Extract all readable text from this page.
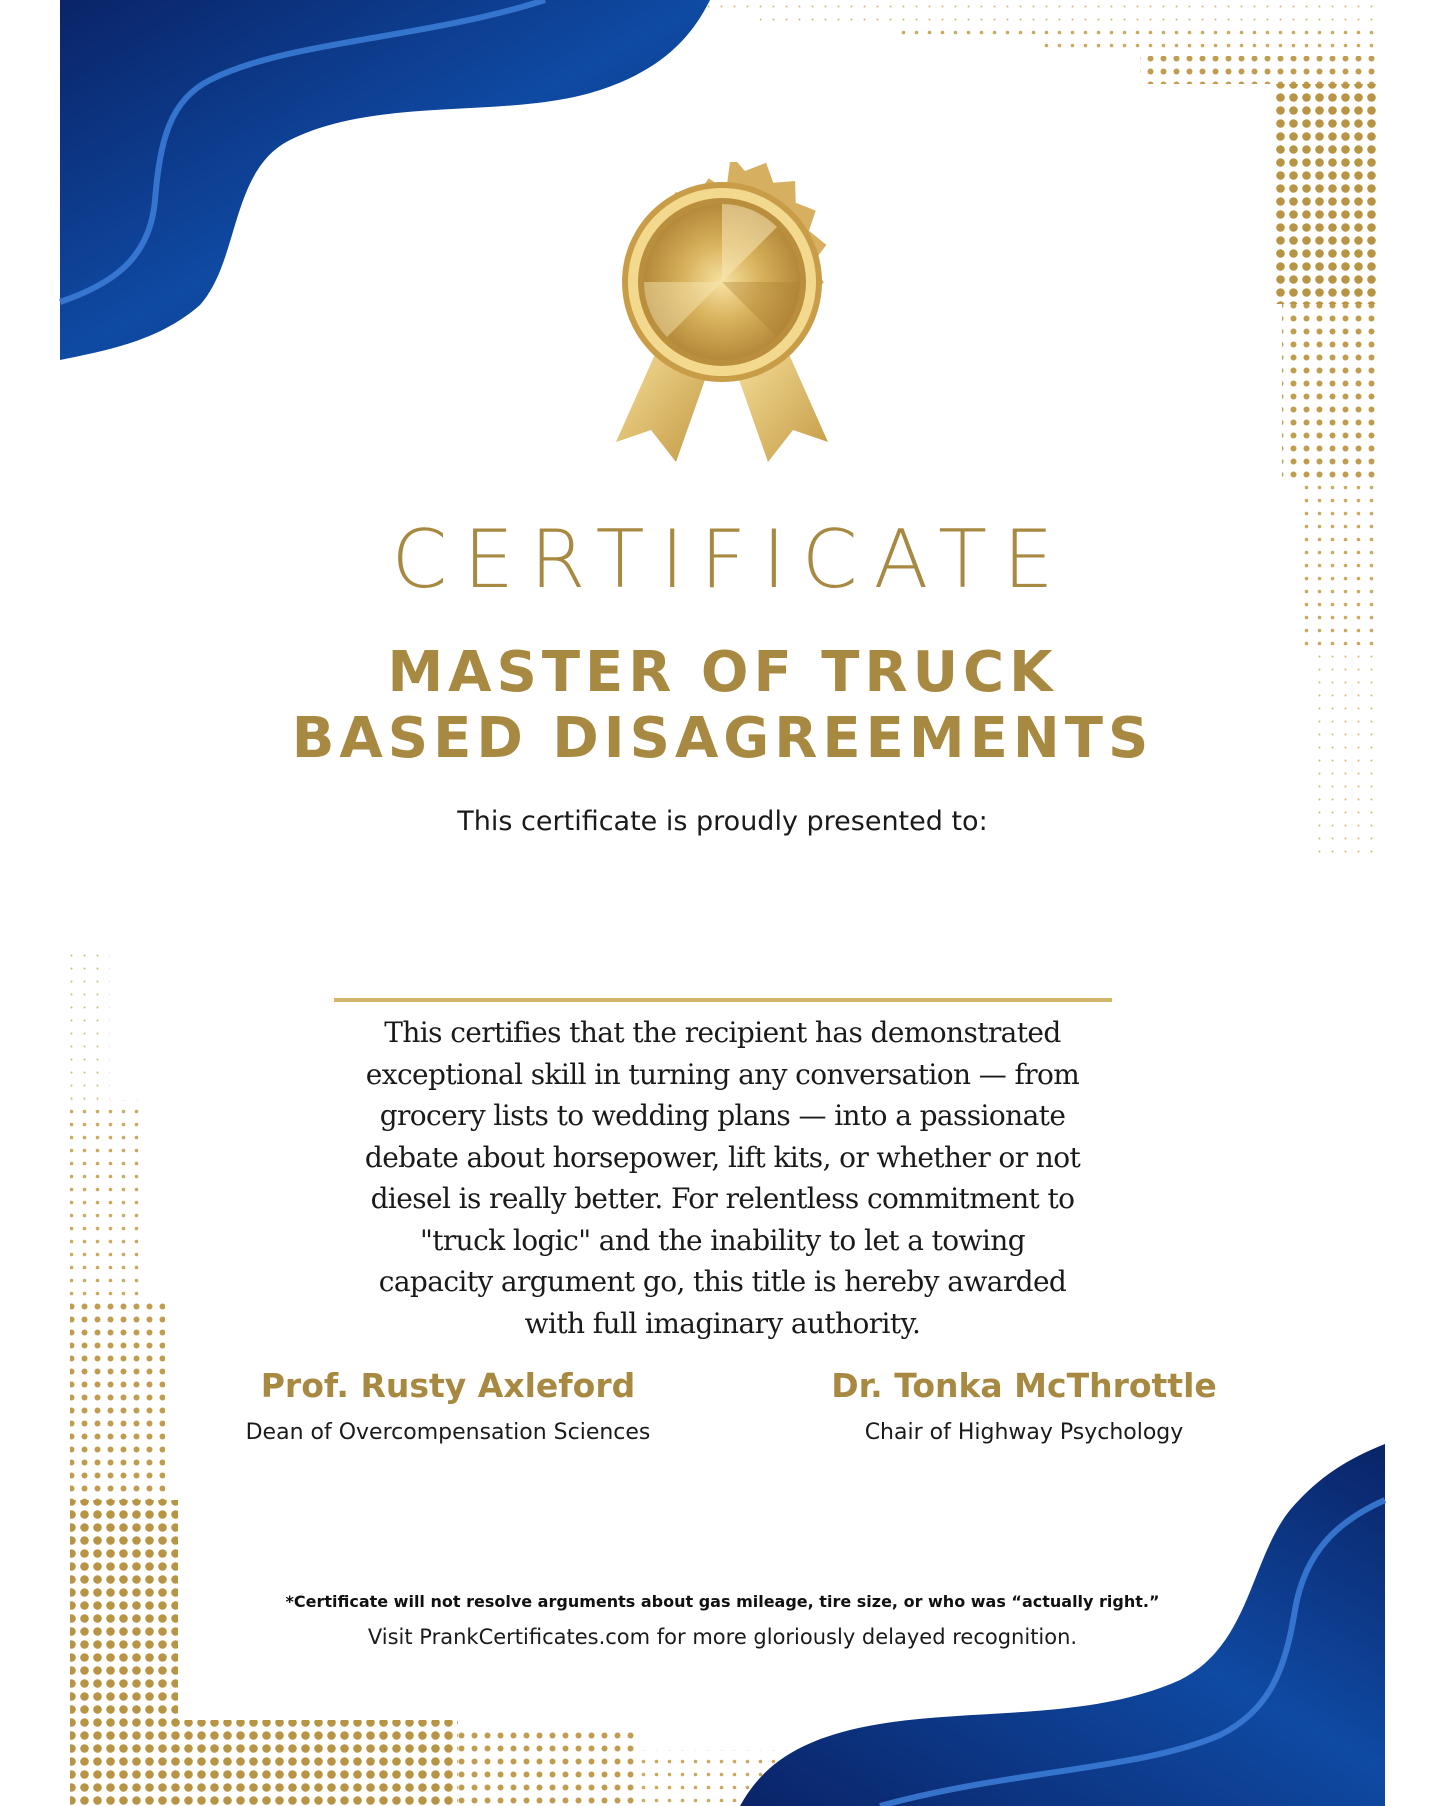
CERTIFICATE
MASTER OF TRUCK
BASED DISAGREEMENTS
This certificate is proudly presented to:
This certifies that the recipient has demonstrated exceptional skill in turning any conversation — from grocery lists to wedding plans — into a passionate debate about horsepower, lift kits, or whether or not diesel is really better. For relentless commitment to "truck logic" and the inability to let a towing capacity argument go, this title is hereby awarded with full imaginary authority.
Prof. Rusty Axleford
Dean of Overcompensation Sciences
Dr. Tonka McThrottle
Chair of Highway Psychology
*Certificate will not resolve arguments about gas mileage, tire size, or who was “actually right.”
Visit PrankCertificates.com for more gloriously delayed recognition.
